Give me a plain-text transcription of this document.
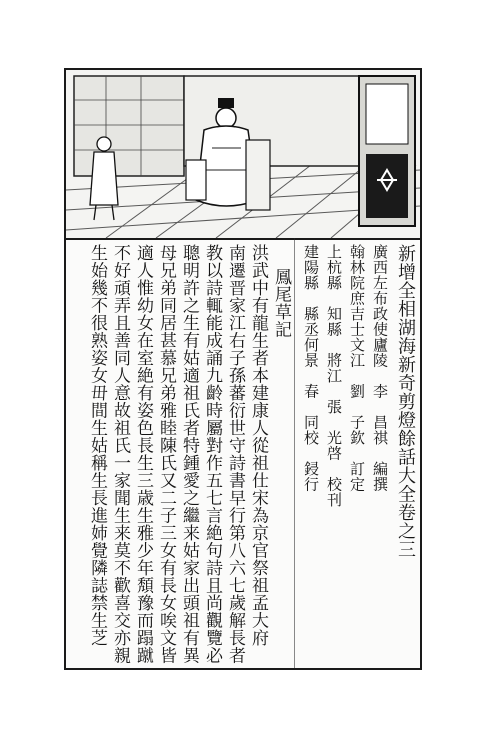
新增全相湖海新奇剪燈餘話大全卷之三
廣西左布政使廬陵　李　昌祺　編撰
翰林院庶吉士文江　劉　子欽　訂定
上杭縣　知縣　將江　張　光啓　校刊
建陽縣　縣丞何景　春　同校　鋟行
鳳尾草記
洪武中有龍生者本建康人從祖仕宋為京官祭祖孟大府
南遷晋家江右子孫蕃衍世守詩書早行第八六七歲解長者
教以詩輒能成誦九齡時屬對作五七言絶句詩且尚觀覽必
聰明許之生有姑適祖氏者特鍾愛之繼来姑家出頭祖有異
母兄弟同居甚慕兄弟雅睦陳氏又二子三女有長女唉文皆
適人惟幼女在室絶有姿色長生三歳生雅少年頽豫而蹋蹴
不好頑弄且善同人意故祖氏一家聞生来莫不歡喜交亦親
生始幾不很熟姿女毌間生姑稱生長進姉覺隣誌禁生芝
